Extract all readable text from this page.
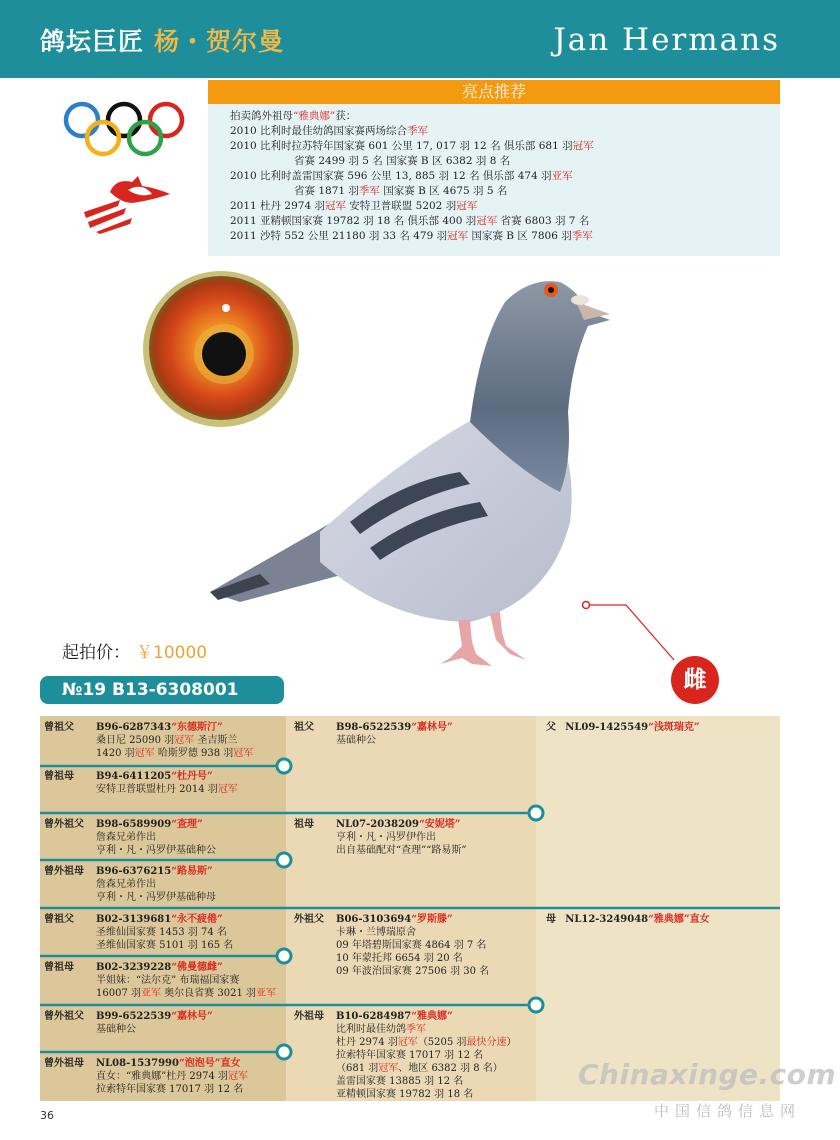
鸽坛巨匠 杨・贺尔曼	Jan Hermans
亮点推荐
拍卖鸽外祖母“雅典娜”获：
2010 比利时最佳幼鸽国家赛两场综合季军
2010 比利时拉苏特年国家赛 601 公里 17, 017 羽 12 名 俱乐部 681 羽冠军
省赛 2499 羽 5 名 国家赛 B 区 6382 羽 8 名
2010 比利时盖雷国家赛 596 公里 13, 885 羽 12 名 俱乐部 474 羽亚军
省赛 1871 羽季军 国家赛 B 区 4675 羽 5 名
2011 杜丹 2974 羽冠军 安特卫普联盟 5202 羽冠军
2011 亚精顿国家赛 19782 羽 18 名 俱乐部 400 羽冠军 省赛 6803 羽 7 名
2011 沙特 552 公里 21180 羽 33 名 479 羽冠军 国家赛 B 区 7806 羽季军
起拍价： ￥10000
№19 B13-6308001	雌
曾祖父 B96-6287343“东德斯汀”
桑日尼 25090 羽冠军 圣吉斯兰
1420 羽冠军 哈斯罗德 938 羽冠军
曾祖母 B94-6411205“杜丹号”
安特卫普联盟杜丹 2014 羽冠军
曾外祖父 B98-6589909“查理”
詹森兄弟作出
亨利・凡・冯罗伊基础种公
曾外祖母 B96-6376215“路易斯”
詹森兄弟作出
亨利・凡・冯罗伊基础种母
曾祖父 B02-3139681“永不疲倦”
圣维仙国家赛 1453 羽 74 名
圣维仙国家赛 5101 羽 165 名
曾祖母 B02-3239228“佛曼德雌”
半姐妹：“法尔克” 布瑞福国家赛
16007 羽亚军 奥尔良省赛 3021 羽亚军
曾外祖父 B99-6522539“嘉林号”
基础种公
曾外祖母 NL08-1537990“泡泡号”直女
直女：“雅典娜”杜丹 2974 羽冠军
拉索特年国家赛 17017 羽 12 名
祖父 B98-6522539“嘉林号”
基础种公
祖母 NL07-2038209“安妮塔”
亨利・凡・冯罗伊作出
出自基础配对“查理”“路易斯”
外祖父 B06-3103694“罗斯滕”
卡琳・兰博瑞原舍
09 年塔碧斯国家赛 4864 羽 7 名
10 年蒙托邦 6654 羽 20 名
09 年波治国家赛 27506 羽 30 名
外祖母 B10-6284987“雅典娜”
比利时最佳幼鸽季军
杜丹 2974 羽冠军（5205 羽最快分速）
拉索特年国家赛 17017 羽 12 名
（681 羽冠军、地区 6382 羽 8 名）
盖雷国家赛 13885 羽 12 名
亚精顿国家赛 19782 羽 18 名
父 NL09-1425549“浅斑瑞克”
母 NL12-3249048“雅典娜”直女
36
Chinaxinge.com
中国信鸽信息网
